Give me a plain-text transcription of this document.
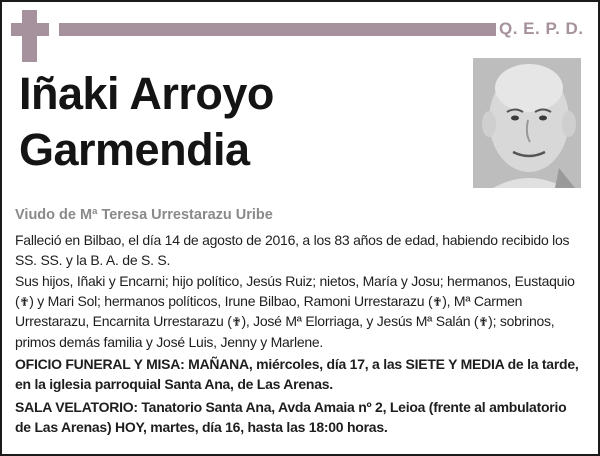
Q. E. P. D.
Iñaki Arroyo
Garmendia
Viudo de Mª Teresa Urrestarazu Uribe

Falleció en Bilbao, el día 14 de agosto de 2016, a los 83 años de edad, habiendo recibido los SS. SS. y la B. A. de S. S.

Sus hijos, Iñaki y Encarni; hijo político, Jesús Ruiz; nietos, María y Josu; hermanos, Eustaquio (✟) y Mari Sol; hermanos políticos, Irune Bilbao, Ramoni Urrestarazu (✟), Mª Carmen Urrestarazu, Encarnita Urrestarazu (✟), José Mª Elorriaga, y Jesús Mª Salán (✟); sobrinos, primos demás familia y José Luis, Jenny y Marlene.

OFICIO FUNERAL Y MISA: MAÑANA, miércoles, día 17, a las SIETE Y MEDIA de la tarde, en la iglesia parroquial Santa Ana, de Las Arenas.

SALA VELATORIO: Tanatorio Santa Ana, Avda Amaia nº 2, Leioa (frente al ambulatorio de Las Arenas) HOY, martes, día 16, hasta las 18:00 horas.
